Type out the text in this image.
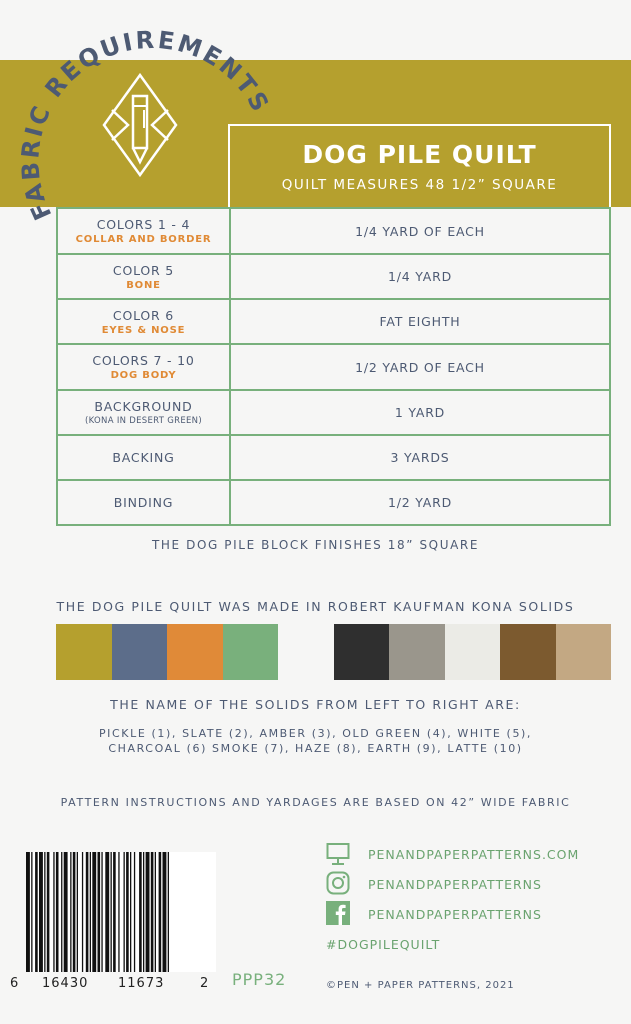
FABRIC REQUIREMENTS
DOG PILE QUILT
QUILT MEASURES 48 1/2” SQUARE
COLORS 1 - 4
COLLAR AND BORDER	1/4 YARD OF EACH

COLOR 5
BONE	1/4 YARD

COLOR 6
EYES & NOSE	FAT EIGHTH

COLORS 7 - 10
DOG BODY	1/2 YARD OF EACH

BACKGROUND
(KONA IN DESERT GREEN)	1 YARD

BACKING	3 YARDS

BINDING	1/2 YARD
THE DOG PILE BLOCK FINISHES 18” SQUARE
THE DOG PILE QUILT WAS MADE IN ROBERT KAUFMAN KONA SOLIDS
THE NAME OF THE SOLIDS FROM LEFT TO RIGHT ARE:
PICKLE (1), SLATE (2), AMBER (3), OLD GREEN (4), WHITE (5),
CHARCOAL (6) SMOKE (7), HAZE (8), EARTH (9), LATTE (10)
PATTERN INSTRUCTIONS AND YARDAGES ARE BASED ON 42” WIDE FABRIC
6 16430 11673	2 PPP32
PENANDPAPERPATTERNS.COM
PENANDPAPERPATTERNS
PENANDPAPERPATTERNS
#DOGPILEQUILT
©PEN + PAPER PATTERNS, 2021
